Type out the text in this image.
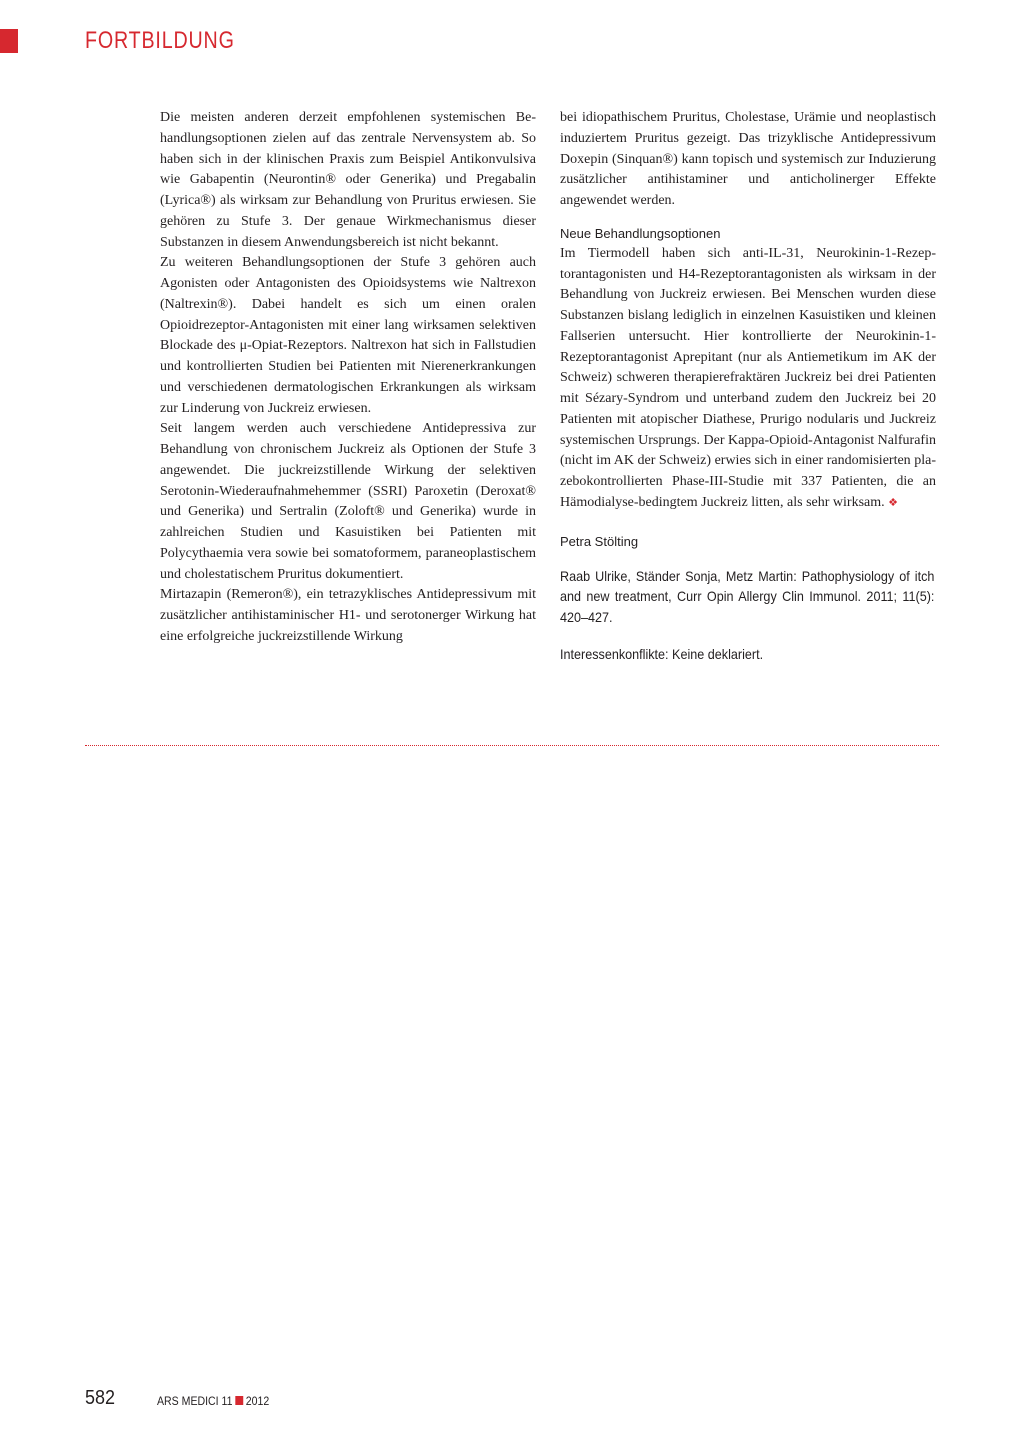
FORTBILDUNG

Die meisten anderen derzeit empfohlenen systemischen Behandlungsoptionen zielen auf das zentrale Nervensystem ab. So haben sich in der klinischen Praxis zum Beispiel Antikonvulsiva wie Gabapentin (Neurontin® oder Generika) und Pregabalin (Lyrica®) als wirksam zur Behandlung von Pruritus erwiesen. Sie gehören zu Stufe 3. Der genaue Wirkmechanismus dieser Substanzen in diesem Anwendungsbereich ist nicht bekannt.

Zu weiteren Behandlungsoptionen der Stufe 3 gehören auch Agonisten oder Antagonisten des Opioidsystems wie Naltrexon (Naltrexin®). Dabei handelt es sich um einen oralen Opioidrezeptor-Antagonisten mit einer lang wirksamen selektiven Blockade des μ-Opiat-Rezeptors. Naltrexon hat sich in Fallstudien und kontrollierten Studien bei Patienten mit Nierenerkrankungen und verschiedenen dermatologischen Erkrankungen als wirksam zur Linderung von Juckreiz erwiesen.

Seit langem werden auch verschiedene Antidepressiva zur Behandlung von chronischem Juckreiz als Optionen der Stufe 3 angewendet. Die juckreizstillende Wirkung der selektiven Serotonin-Wiederaufnahmehemmer (SSRI) Paroxetin (Deroxat® und Generika) und Sertralin (Zoloft® und Generika) wurde in zahlreichen Studien und Kasuistiken bei Patienten mit Polycythaemia vera sowie bei somatoformem, paraneoplastischem und cholestatischem Pruritus dokumentiert.

Mirtazapin (Remeron®), ein tetrazyklisches Antidepressivum mit zusätzlicher antihistaminischer H1- und serotonerger Wirkung hat eine erfolgreiche juckreizstillende Wirkung

bei idiopathischem Pruritus, Cholestase, Urämie und neoplastisch induziertem Pruritus gezeigt. Das trizyklische Antidepressivum Doxepin (Sinquan®) kann topisch und systemisch zur Induzierung zusätzlicher antihistaminer und anticholinerger Effekte angewendet werden.

Neue Behandlungsoptionen

Im Tiermodell haben sich anti-IL-31, Neurokinin-1-Rezeptorantagonisten und H4-Rezeptorantagonisten als wirksam in der Behandlung von Juckreiz erwiesen. Bei Menschen wurden diese Substanzen bislang lediglich in einzelnen Kasuistiken und kleinen Fallserien untersucht. Hier kontrollierte der Neurokinin-1-Rezeptorantagonist Aprepitant (nur als Antiemetikum im AK der Schweiz) schweren therapierefraktären Juckreiz bei drei Patienten mit Sézary-Syndrom und unterband zudem den Juckreiz bei 20 Patienten mit atopischer Diathese, Prurigo nodularis und Juckreiz systemischen Ursprungs. Der Kappa-Opioid-Antagonist Nalfurafin (nicht im AK der Schweiz) erwies sich in einer randomisierten plazebokontrollierten Phase-III-Studie mit 337 Patienten, die an Hämodialyse-bedingtem Juckreiz litten, als sehr wirksam. ❖

Petra Stölting

Raab Ulrike, Ständer Sonja, Metz Martin: Pathophysiology of itch and new treatment, Curr Opin Allergy Clin Immunol. 2011; 11(5): 420–427.

Interessenkonflikte: Keine deklariert.

582	ARS MEDICI 11 2012
